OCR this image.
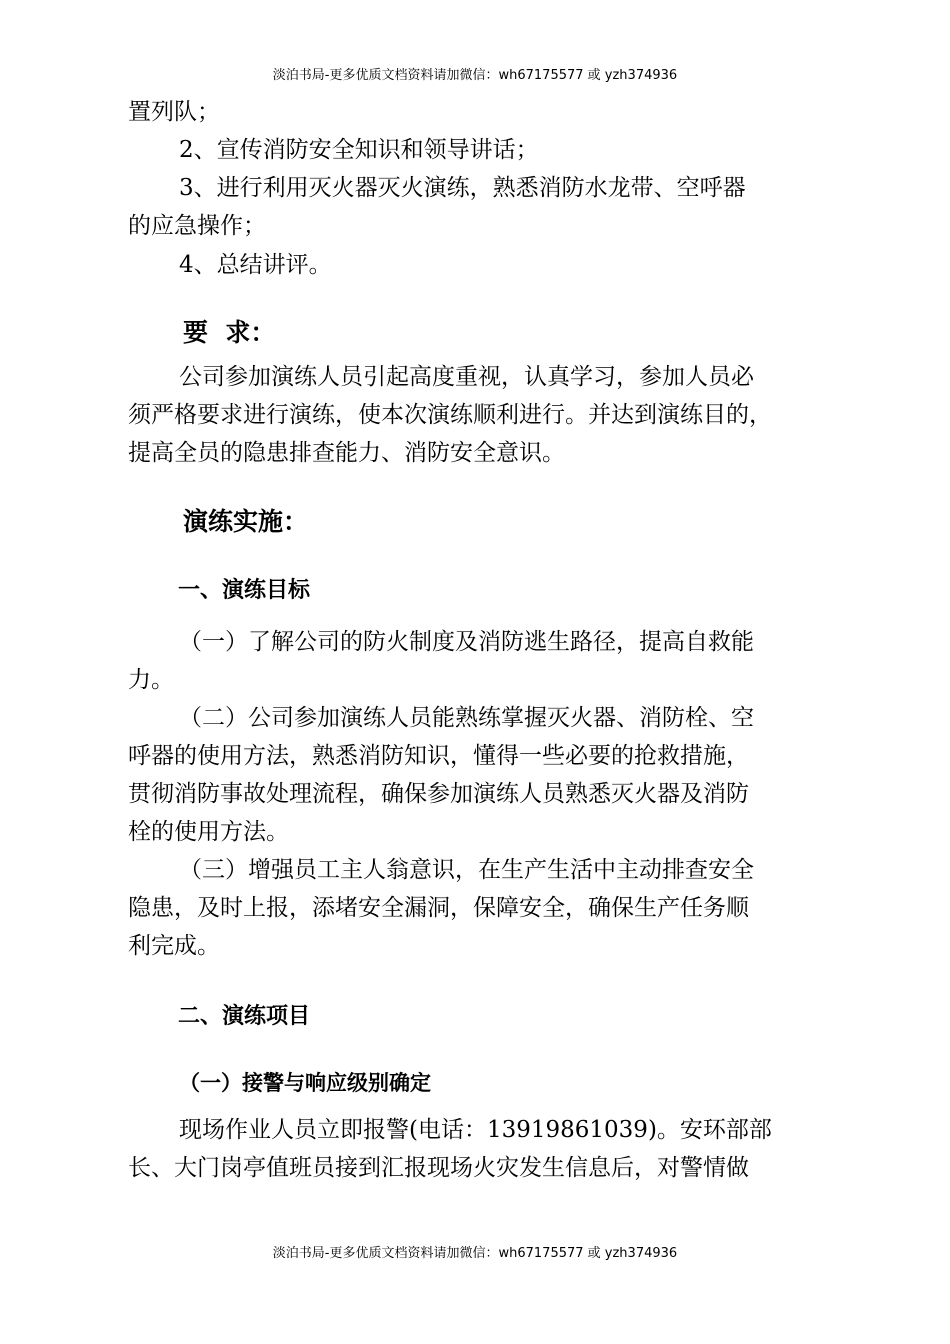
淡泊书局-更多优质文档资料请加微信：wh67175577 或 yzh374936
置列队；
2、宣传消防安全知识和领导讲话；
3、进行利用灭火器灭火演练，熟悉消防水龙带、空呼器
的应急操作；
4、总结讲评。
要  求：
公司参加演练人员引起高度重视，认真学习，参加人员必
须严格要求进行演练，使本次演练顺利进行。并达到演练目的，
提高全员的隐患排查能力、消防安全意识。
演练实施：
一、演练目标
（一）了解公司的防火制度及消防逃生路径，提高自救能
力。
（二）公司参加演练人员能熟练掌握灭火器、消防栓、空
呼器的使用方法，熟悉消防知识，懂得一些必要的抢救措施，
贯彻消防事故处理流程，确保参加演练人员熟悉灭火器及消防
栓的使用方法。
（三）增强员工主人翁意识，在生产生活中主动排查安全
隐患，及时上报，添堵安全漏洞，保障安全，确保生产任务顺
利完成。
二、演练项目
（一）接警与响应级别确定
现场作业人员立即报警(电话：13919861039)。安环部部
长、大门岗亭值班员接到汇报现场火灾发生信息后，对警情做
淡泊书局-更多优质文档资料请加微信：wh67175577 或 yzh374936
